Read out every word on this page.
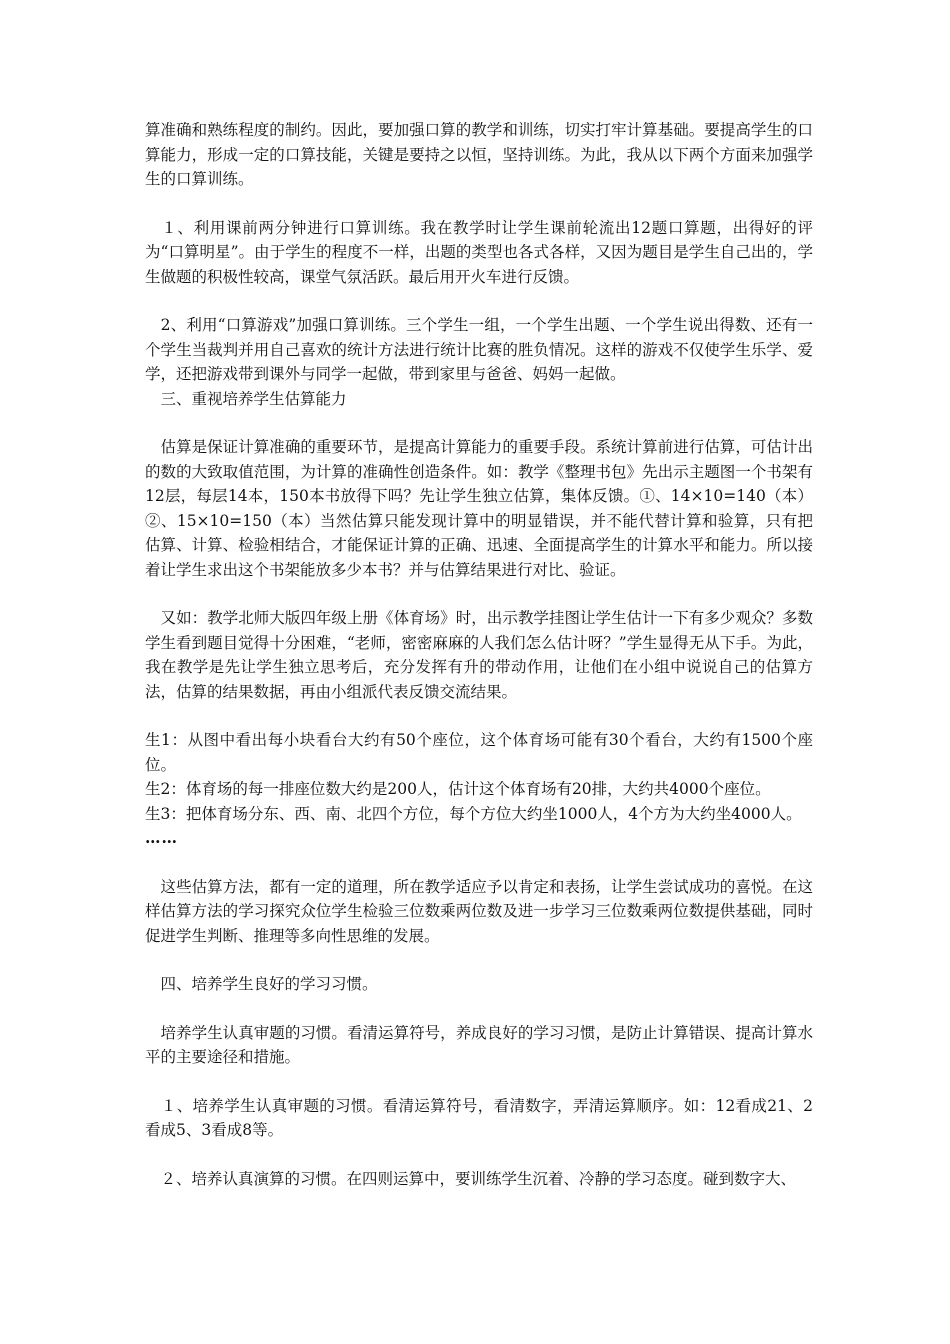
算准确和熟练程度的制约。因此，要加强口算的教学和训练，切实打牢计算基础。要提高学生的口算能力，形成一定的口算技能，关键是要持之以恒，坚持训练。为此，我从以下两个方面来加强学生的口算训练。

　１、利用课前两分钟进行口算训练。我在教学时让学生课前轮流出12题口算题，出得好的评为“口算明星”。由于学生的程度不一样，出题的类型也各式各样，又因为题目是学生自己出的，学生做题的积极性较高，课堂气氛活跃。最后用开火车进行反馈。

　2、利用“口算游戏”加强口算训练。三个学生一组，一个学生出题、一个学生说出得数、还有一个学生当裁判并用自己喜欢的统计方法进行统计比赛的胜负情况。这样的游戏不仅使学生乐学、爱学，还把游戏带到课外与同学一起做，带到家里与爸爸、妈妈一起做。

　三、重视培养学生估算能力

　估算是保证计算准确的重要环节，是提高计算能力的重要手段。系统计算前进行估算，可估计出的数的大致取值范围，为计算的准确性创造条件。如：教学《整理书包》先出示主题图一个书架有12层，每层14本，150本书放得下吗？先让学生独立估算，集体反馈。①、14×10=140（本）②、15×10=150（本）当然估算只能发现计算中的明显错误，并不能代替计算和验算，只有把估算、计算、检验相结合，才能保证计算的正确、迅速、全面提高学生的计算水平和能力。所以接着让学生求出这个书架能放多少本书？并与估算结果进行对比、验证。

　又如：教学北师大版四年级上册《体育场》时，出示教学挂图让学生估计一下有多少观众？多数学生看到题目觉得十分困难，“老师，密密麻麻的人我们怎么估计呀？”学生显得无从下手。为此，我在教学是先让学生独立思考后，充分发挥有升的带动作用，让他们在小组中说说自己的估算方法，估算的结果数据，再由小组派代表反馈交流结果。

生1：从图中看出每小块看台大约有50个座位，这个体育场可能有30个看台，大约有1500个座位。

生2：体育场的每一排座位数大约是200人，估计这个体育场有20排，大约共4000个座位。

生3：把体育场分东、西、南、北四个方位，每个方位大约坐1000人，4个方为大约坐4000人。

……

　这些估算方法，都有一定的道理，所在教学适应予以肯定和表扬，让学生尝试成功的喜悦。在这样估算方法的学习探究众位学生检验三位数乘两位数及进一步学习三位数乘两位数提供基础，同时促进学生判断、推理等多向性思维的发展。

　四、培养学生良好的学习习惯。

　培养学生认真审题的习惯。看清运算符号，养成良好的学习习惯，是防止计算错误、提高计算水平的主要途径和措施。

　１、培养学生认真审题的习惯。看清运算符号，看清数字，弄清运算顺序。如：12看成21、2看成5、3看成8等。

　２、培养认真演算的习惯。在四则运算中，要训练学生沉着、冷静的学习态度。碰到数字大、
